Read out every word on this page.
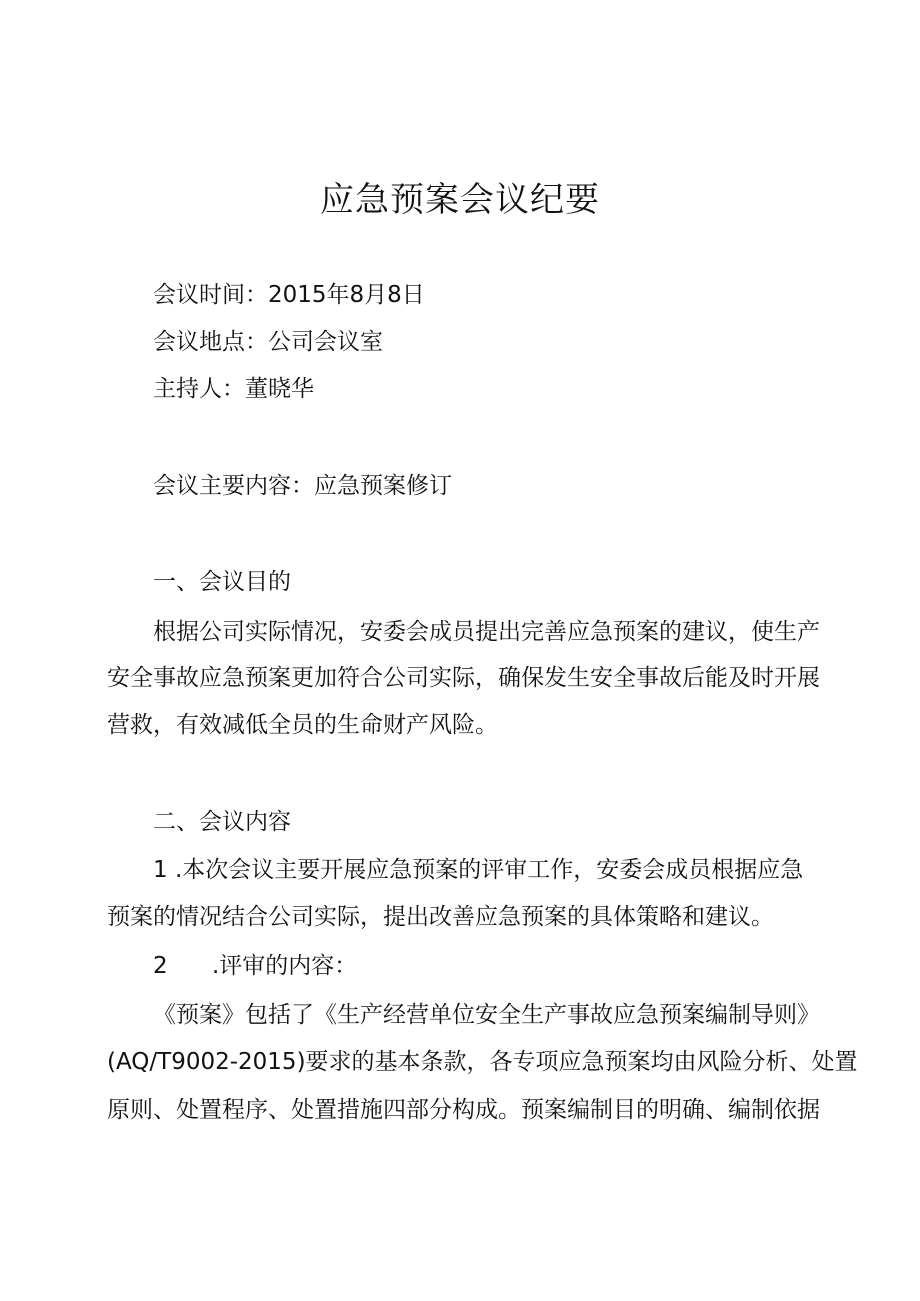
应急预案会议纪要
会议时间：2015年8月8日
会议地点：公司会议室
主持人：董晓华
会议主要内容：应急预案修订
一、会议目的
根据公司实际情况，安委会成员提出完善应急预案的建议，使生产
安全事故应急预案更加符合公司实际，确保发生安全事故后能及时开展
营救，有效减低全员的生命财产风险。
二、会议内容
1 .本次会议主要开展应急预案的评审工作，安委会成员根据应急
预案的情况结合公司实际，提出改善应急预案的具体策略和建议。
2 .评审的内容：
《预案》包括了《生产经营单位安全生产事故应急预案编制导则》
(AQ/T9002-2015)要求的基本条款，各专项应急预案均由风险分析、处置
原则、处置程序、处置措施四部分构成。预案编制目的明确、编制依据
